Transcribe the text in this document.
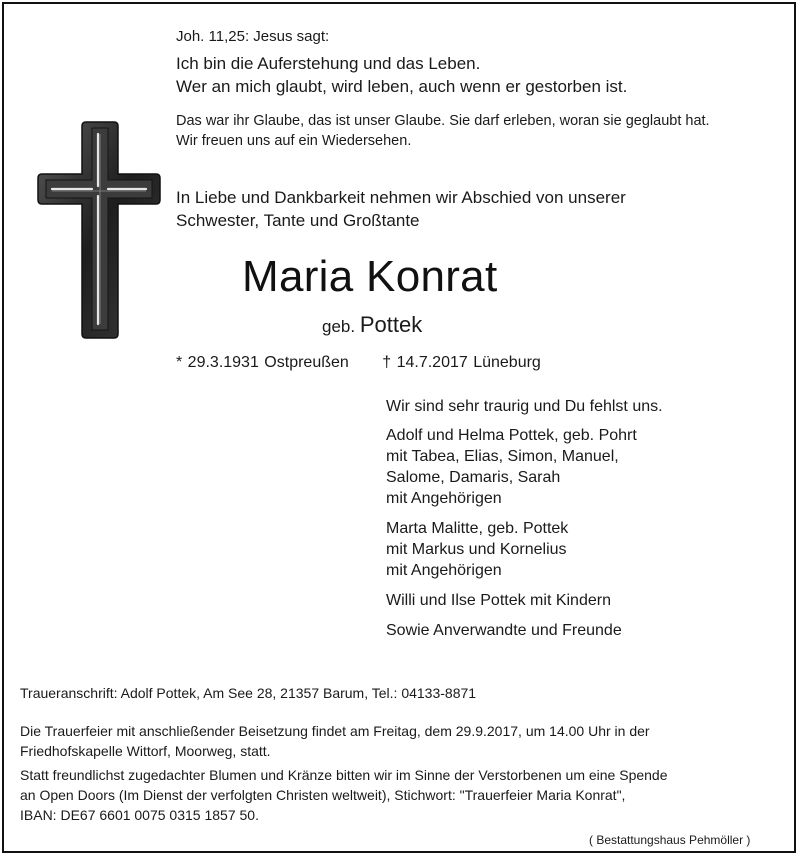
Joh. 11,25: Jesus sagt:
Ich bin die Auferstehung und das Leben.
Wer an mich glaubt, wird leben, auch wenn er gestorben ist.
Das war ihr Glaube, das ist unser Glaube. Sie darf erleben, woran sie geglaubt hat.
Wir freuen uns auf ein Wiedersehen.
In Liebe und Dankbarkeit nehmen wir Abschied von unserer
Schwester, Tante und Großtante
Maria Konrat
geb. Pottek
* 29.3.1931 Ostpreußen † 14.7.2017 Lüneburg
Wir sind sehr traurig und Du fehlst uns.
Adolf und Helma Pottek, geb. Pohrt
mit Tabea, Elias, Simon, Manuel,
Salome, Damaris, Sarah
mit Angehörigen
Marta Malitte, geb. Pottek
mit Markus und Kornelius
mit Angehörigen
Willi und Ilse Pottek mit Kindern
Sowie Anverwandte und Freunde
Traueranschrift: Adolf Pottek, Am See 28, 21357 Barum, Tel.: 04133-8871
Die Trauerfeier mit anschließender Beisetzung findet am Freitag, dem 29.9.2017, um 14.00 Uhr in der
Friedhofskapelle Wittorf, Moorweg, statt.
Statt freundlichst zugedachter Blumen und Kränze bitten wir im Sinne der Verstorbenen um eine Spende
an Open Doors (Im Dienst der verfolgten Christen weltweit), Stichwort: "Trauerfeier Maria Konrat",
IBAN: DE67 6601 0075 0315 1857 50.
( Bestattungshaus Pehmöller )
